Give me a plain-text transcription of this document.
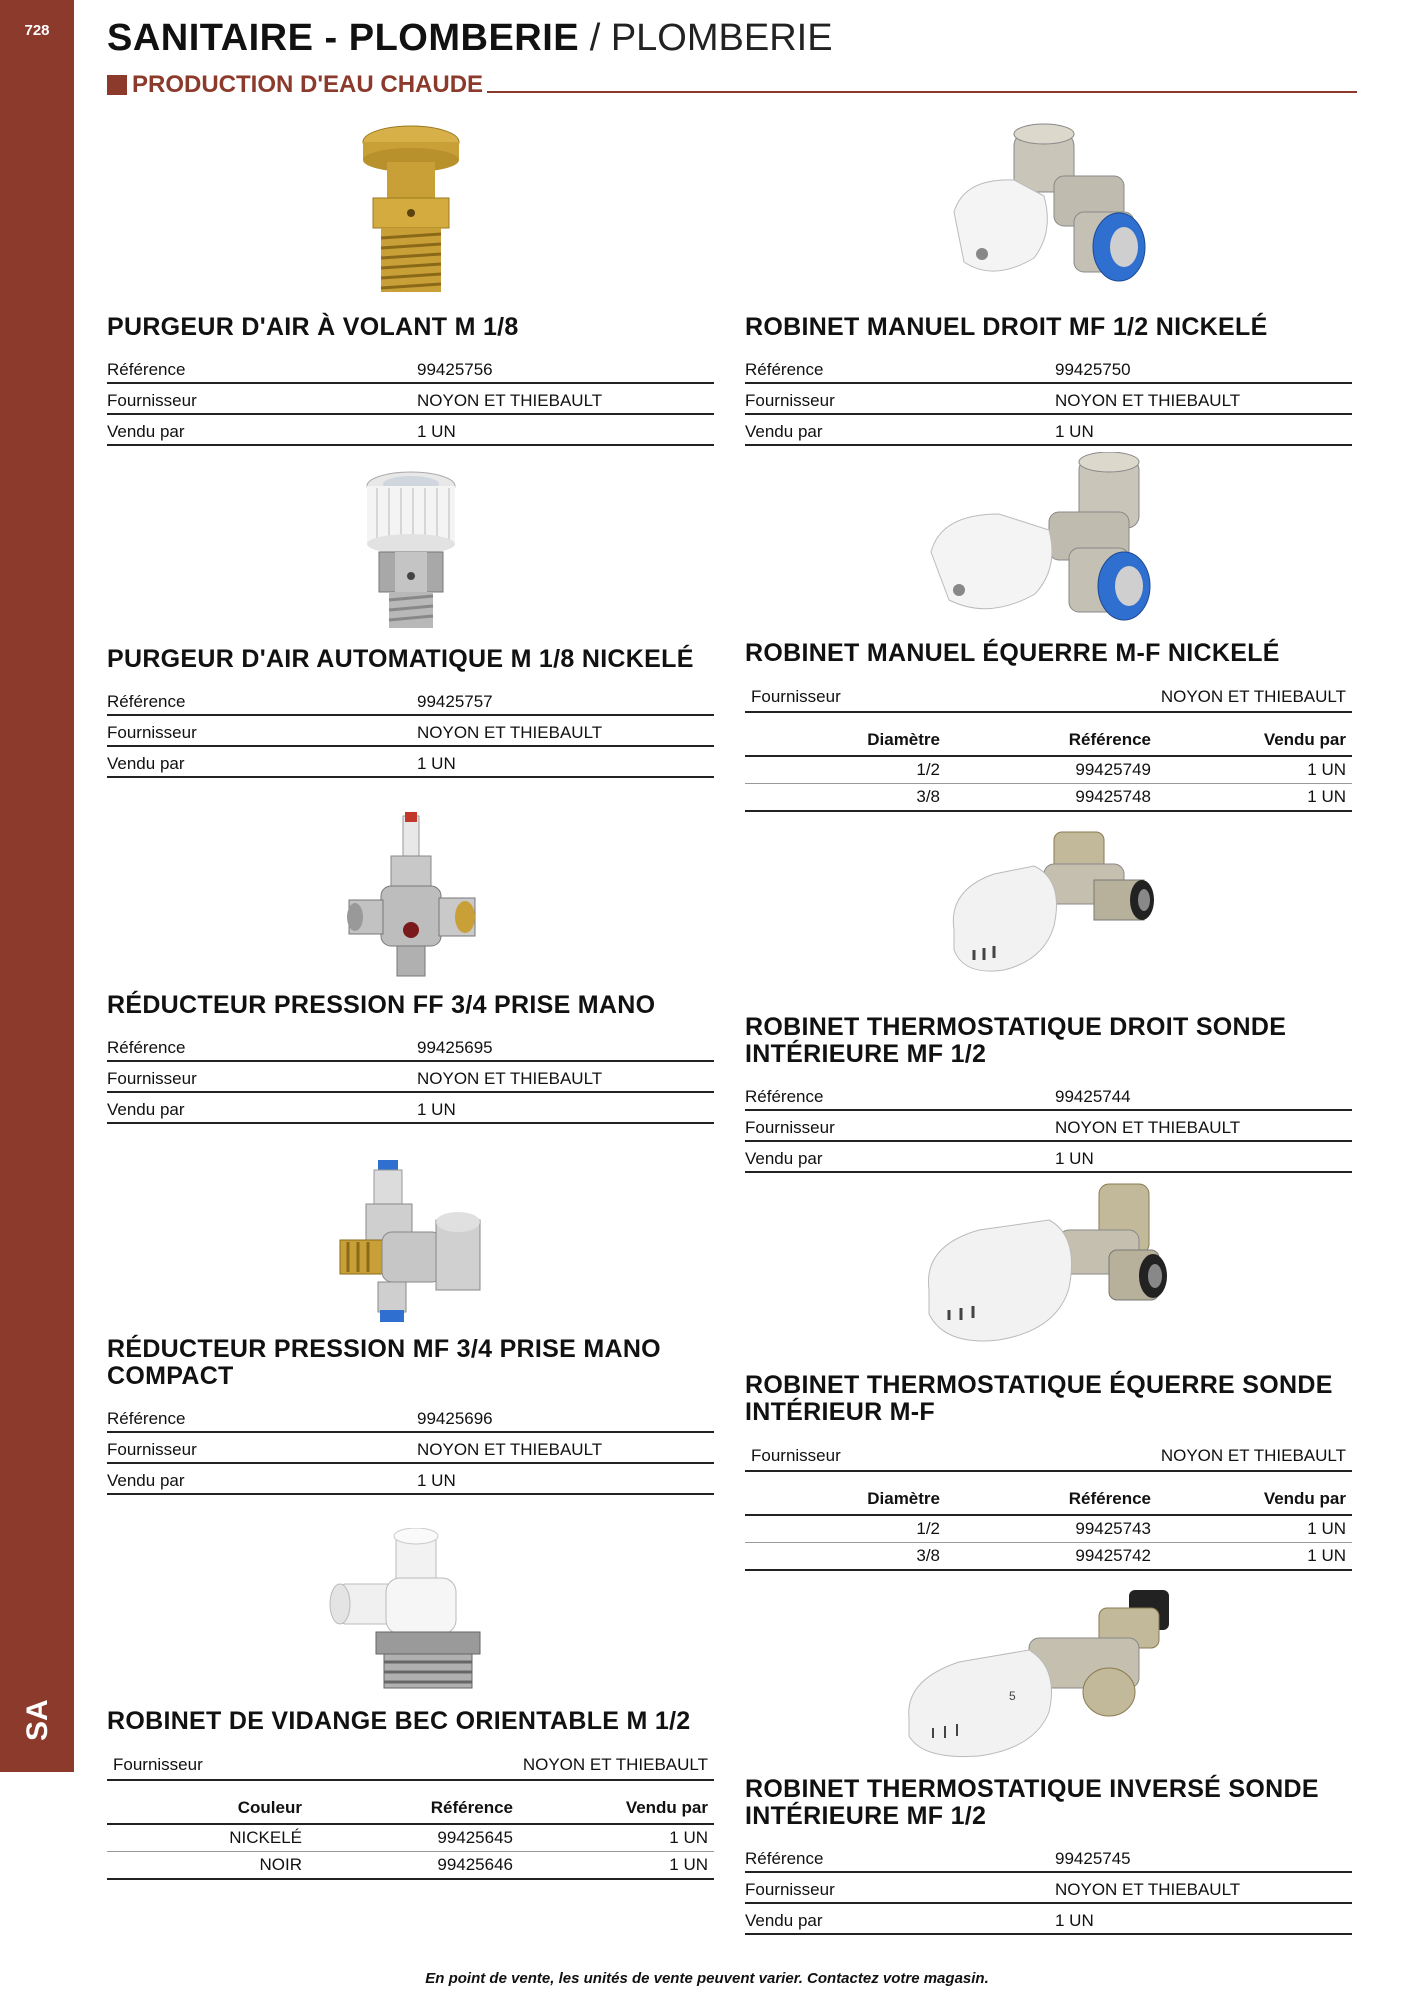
728
SA
SANITAIRE - PLOMBERIE / PLOMBERIE
PRODUCTION D'EAU CHAUDE
PURGEUR D'AIR À VOLANT M 1/8
Référence	99425756
Fournisseur	NOYON ET THIEBAULT
Vendu par	1 UN
PURGEUR D'AIR AUTOMATIQUE M 1/8 NICKELÉ
Référence	99425757
Fournisseur	NOYON ET THIEBAULT
Vendu par	1 UN
RÉDUCTEUR PRESSION FF 3/4 PRISE MANO
Référence	99425695
Fournisseur	NOYON ET THIEBAULT
Vendu par	1 UN
RÉDUCTEUR PRESSION MF 3/4 PRISE MANO COMPACT
Référence	99425696
Fournisseur	NOYON ET THIEBAULT
Vendu par	1 UN
ROBINET DE VIDANGE BEC ORIENTABLE M 1/2
Fournisseur	NOYON ET THIEBAULT
Couleur	Référence	Vendu par
NICKELÉ	99425645	1 UN
NOIR	99425646	1 UN
ROBINET MANUEL DROIT MF 1/2 NICKELÉ
Référence	99425750
Fournisseur	NOYON ET THIEBAULT
Vendu par	1 UN
ROBINET MANUEL ÉQUERRE M-F NICKELÉ
Fournisseur	NOYON ET THIEBAULT
Diamètre	Référence	Vendu par
1/2	99425749	1 UN
3/8	99425748	1 UN
ROBINET THERMOSTATIQUE DROIT SONDE INTÉRIEURE MF 1/2
Référence	99425744
Fournisseur	NOYON ET THIEBAULT
Vendu par	1 UN
ROBINET THERMOSTATIQUE ÉQUERRE SONDE INTÉRIEUR M-F
Fournisseur	NOYON ET THIEBAULT
Diamètre	Référence	Vendu par
1/2	99425743	1 UN
3/8	99425742	1 UN
5
ROBINET THERMOSTATIQUE INVERSÉ SONDE INTÉRIEURE MF 1/2
Référence	99425745
Fournisseur	NOYON ET THIEBAULT
Vendu par	1 UN
En point de vente, les unités de vente peuvent varier. Contactez votre magasin.
